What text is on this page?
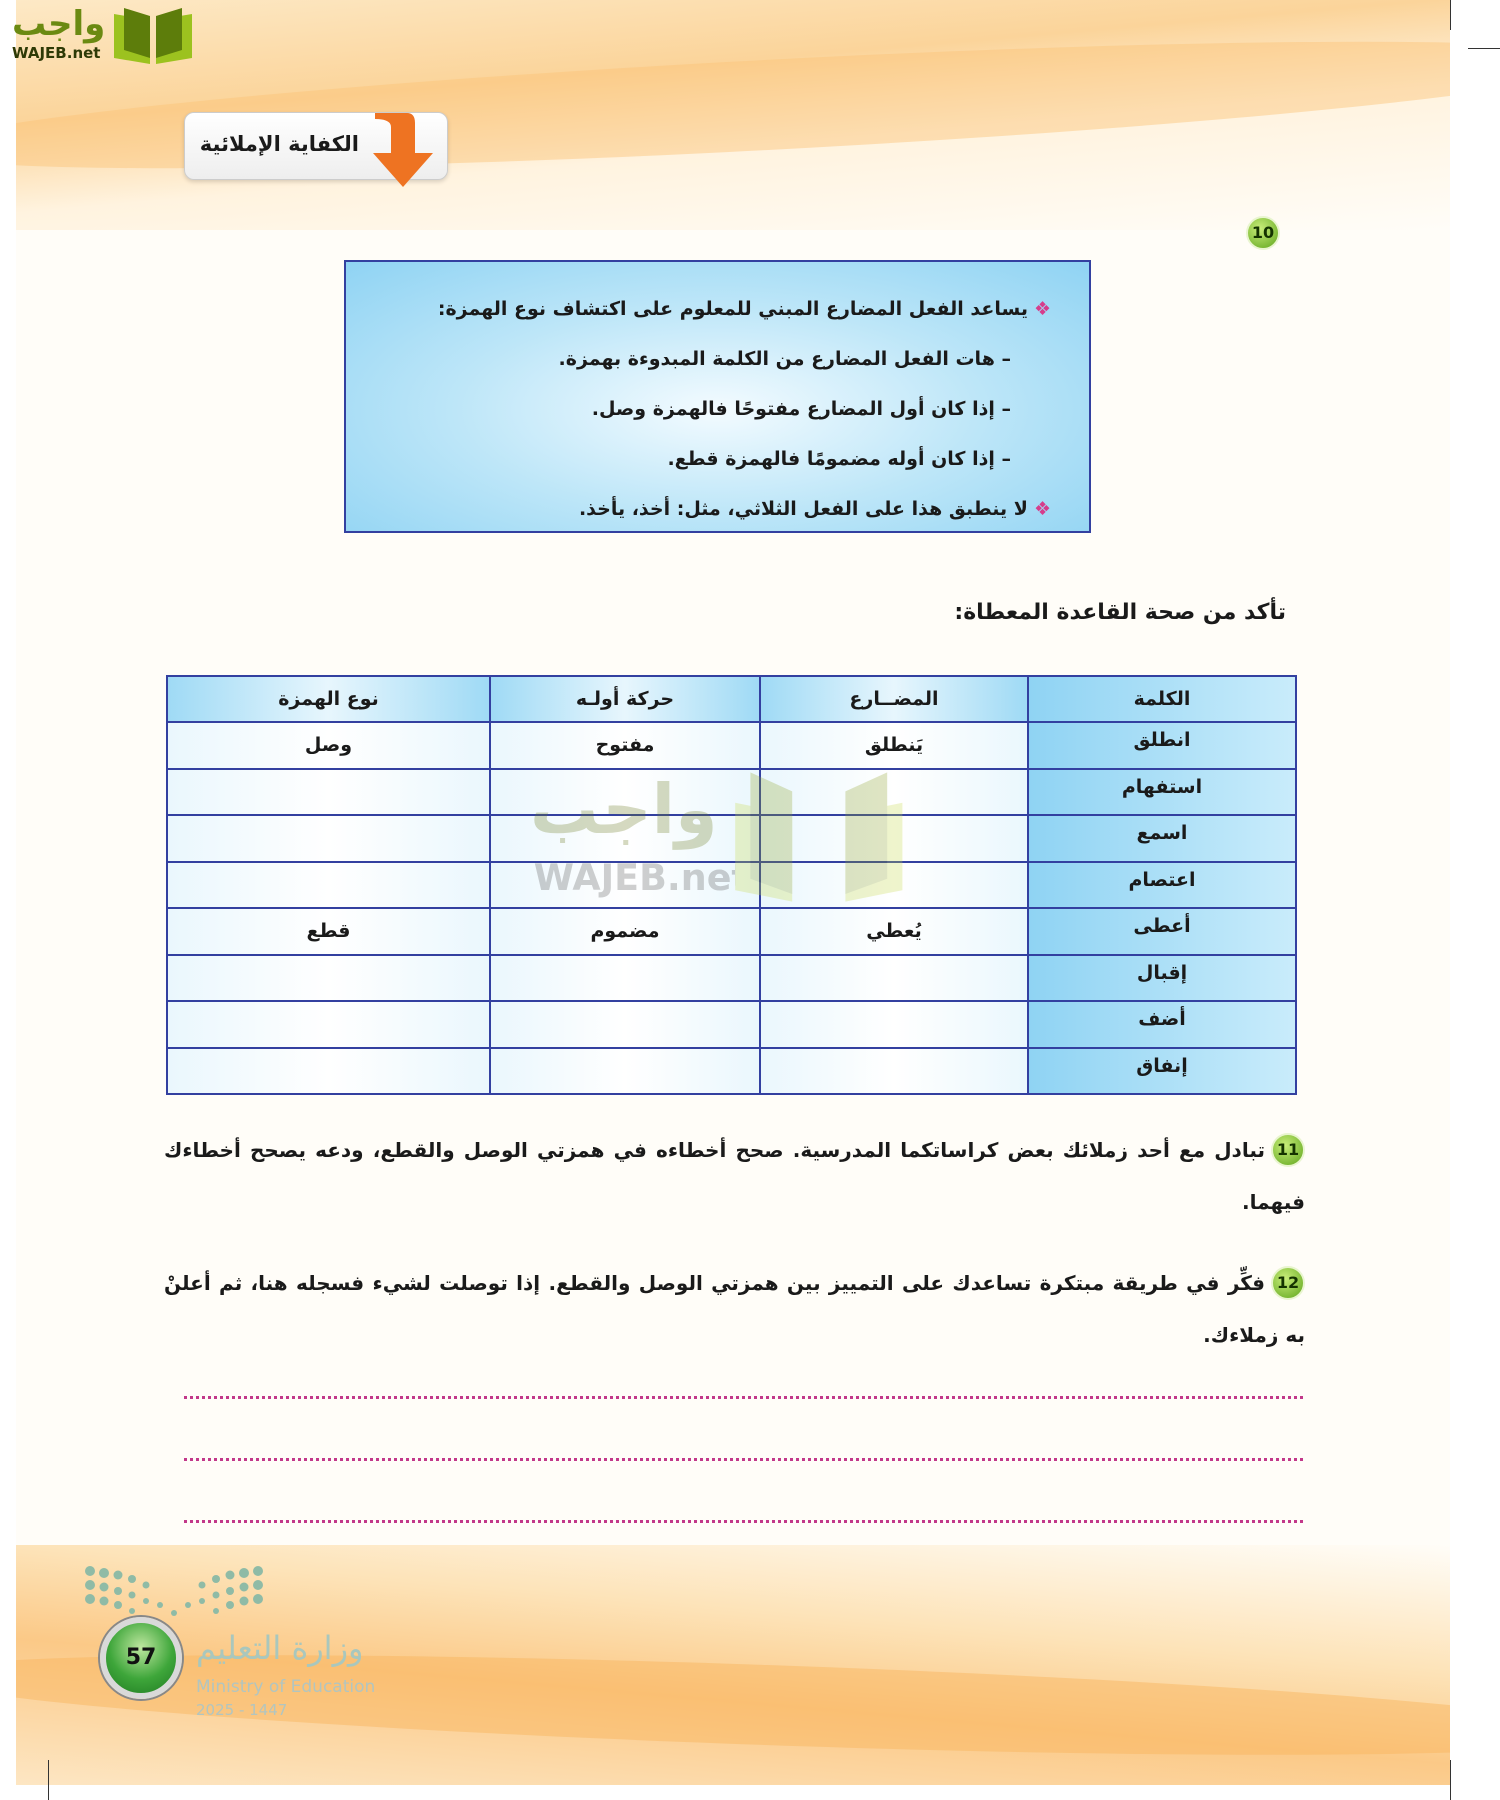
واجب
WAJEB.net
الكفاية الإملائية
10

❖يساعد الفعل المضارع المبني للمعلوم على اكتشاف نوع الهمزة:

– هات الفعل المضارع من الكلمة المبدوءة بهمزة.

– إذا كان أول المضارع مفتوحًا فالهمزة وصل.

– إذا كان أوله مضمومًا فالهمزة قطع.

❖لا ينطبق هذا على الفعل الثلاثي، مثل: أخذ، يأخذ.

تأكد من صحة القاعدة المعطاة:
الكلمة	المضــارع	حركة أولـه	نوع الهمزة
انطلق	يَنطلق	مفتوح	وصل
استفهام			
اسمع			
اعتصام			
أعطى	يُعطي	مضموم	قطع
إقبال			
أضف			
إنفاق			
واجب
WAJEB.net
11تبادل مع أحد زملائك بعض كراساتكما المدرسية. صحح أخطاءه في همزتي الوصل والقطع، ودعه يصحح أخطاءك فيهما.
12فكِّر في طريقة مبتكرة تساعدك على التمييز بين همزتي الوصل والقطع. إذا توصلت لشيء فسجله هنا، ثم أعلنْ به زملاءك.
وزارة التعليم
Ministry of Education
2025 - 1447
57
